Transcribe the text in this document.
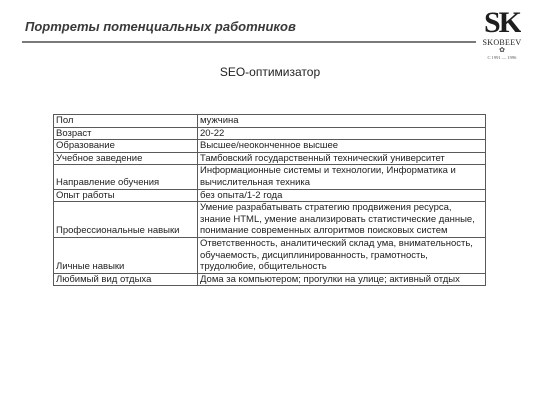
Портреты потенциальных работников	SK
SKOBEEV
✿
С 1991 — 1996
SEO-оптимизатор
Пол	мужчина
Возраст	20-22
Образование	Высшее/неоконченное высшее
Учебное заведение	Тамбовский государственный технический университет
Направление обучения	Информационные системы и технологии, Информатика и вычислительная техника
Опыт работы	без опыта/1-2 года
Профессиональные навыки	Умение разрабатывать стратегию продвижения ресурса, знание HTML, умение анализировать статистические данные, понимание современных алгоритмов поисковых систем
Личные навыки	Ответственность, аналитический склад ума, внимательность, обучаемость, дисциплинированность, грамотность, трудолюбие, общительность
Любимый вид отдыха	Дома за компьютером; прогулки на улице; активный отдых
